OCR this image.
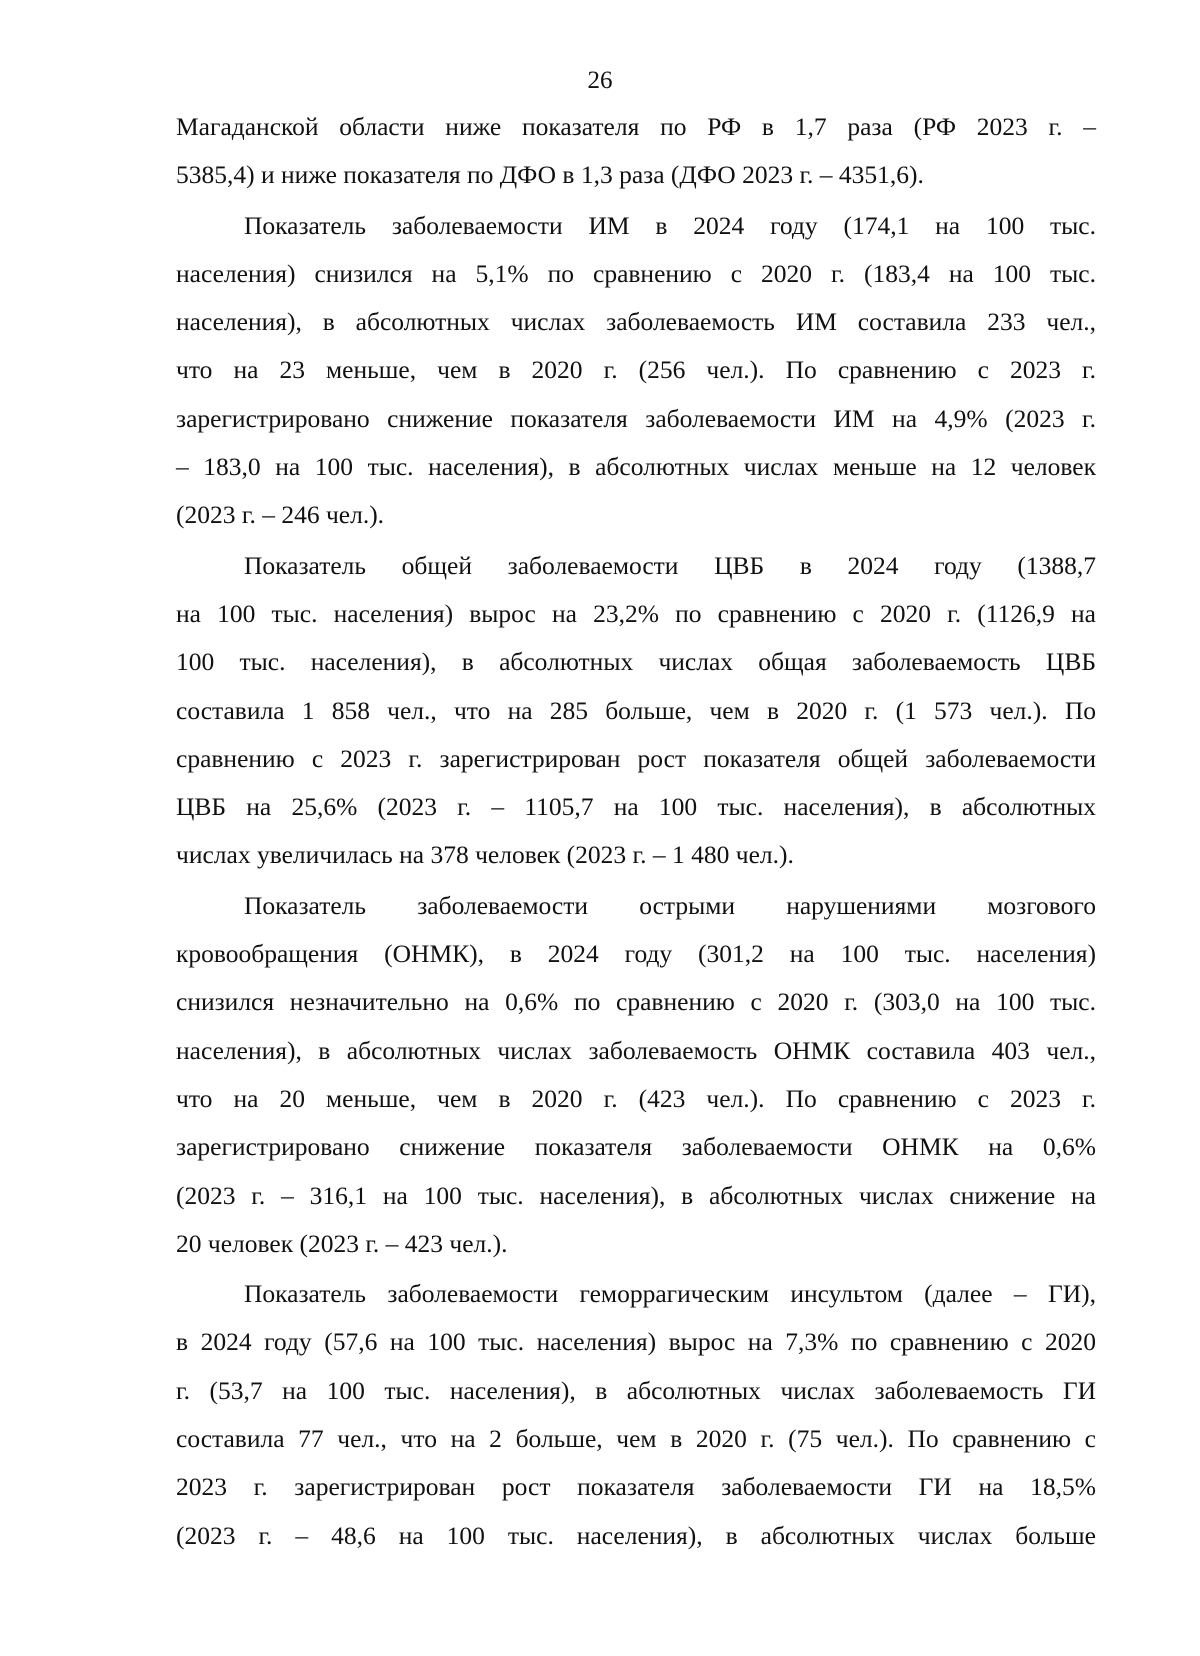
26
Магаданской области ниже показателя по РФ в 1,7 раза (РФ 2023 г. –
5385,4) и ниже показателя по ДФО в 1,3 раза (ДФО 2023 г. – 4351,6).
Показатель заболеваемости ИМ в 2024 году (174,1 на 100 тыс.
населения) снизился на 5,1% по сравнению с 2020 г. (183,4 на 100 тыс.
населения), в абсолютных числах заболеваемость ИМ составила 233 чел.,
что на 23 меньше, чем в 2020 г. (256 чел.). По сравнению с 2023 г.
зарегистрировано снижение показателя заболеваемости ИМ на 4,9% (2023 г.
– 183,0 на 100 тыс. населения), в абсолютных числах меньше на 12 человек
(2023 г. – 246 чел.).
Показатель общей заболеваемости ЦВБ в 2024 году (1388,7
на 100 тыс. населения) вырос на 23,2% по сравнению с 2020 г. (1126,9 на
100 тыс. населения), в абсолютных числах общая заболеваемость ЦВБ
составила 1 858 чел., что на 285 больше, чем в 2020 г. (1 573 чел.). По
сравнению с 2023 г. зарегистрирован рост показателя общей заболеваемости
ЦВБ на 25,6% (2023 г. – 1105,7 на 100 тыс. населения), в абсолютных
числах увеличилась на 378 человек (2023 г. – 1 480 чел.).
Показатель заболеваемости острыми нарушениями мозгового
кровообращения (ОНМК), в 2024 году (301,2 на 100 тыс. населения)
снизился незначительно на 0,6% по сравнению с 2020 г. (303,0 на 100 тыс.
населения), в абсолютных числах заболеваемость ОНМК составила 403 чел.,
что на 20 меньше, чем в 2020 г. (423 чел.). По сравнению с 2023 г.
зарегистрировано снижение показателя заболеваемости ОНМК на 0,6%
(2023 г. – 316,1 на 100 тыс. населения), в абсолютных числах снижение на
20 человек (2023 г. – 423 чел.).
Показатель заболеваемости геморрагическим инсультом (далее – ГИ),
в 2024 году (57,6 на 100 тыс. населения) вырос на 7,3% по сравнению с 2020
г. (53,7 на 100 тыс. населения), в абсолютных числах заболеваемость ГИ
составила 77 чел., что на 2 больше, чем в 2020 г. (75 чел.). По сравнению с
2023 г. зарегистрирован рост показателя заболеваемости ГИ на 18,5%
(2023 г. – 48,6 на 100 тыс. населения), в абсолютных числах больше
